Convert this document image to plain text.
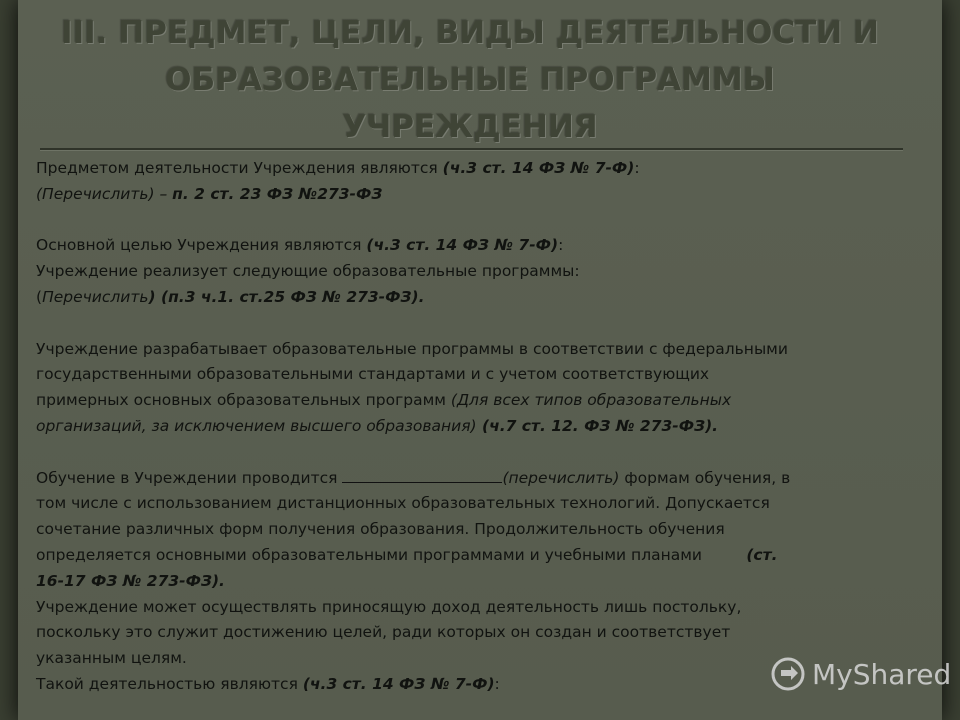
III. ПРЕДМЕТ, ЦЕЛИ, ВИДЫ ДЕЯТЕЛЬНОСТИ И
ОБРАЗОВАТЕЛЬНЫЕ ПРОГРАММЫ
УЧРЕЖДЕНИЯ

Предметом деятельности Учреждения являются (ч.3 ст. 14 ФЗ № 7-Ф):

(Перечислить) – п. 2 ст. 23 ФЗ №273-ФЗ

Основной целью Учреждения являются (ч.3 ст. 14 ФЗ № 7-Ф):

Учреждение реализует следующие образовательные программы:

(Перечислить) (п.3 ч.1. ст.25 ФЗ № 273-ФЗ).

Учреждение разрабатывает образовательные программы в соответствии с федеральными

государственными образовательными стандартами и с учетом соответствующих

примерных основных образовательных программ (Для всех типов образовательных

организаций, за исключением высшего образования) (ч.7 ст. 12. ФЗ № 273-ФЗ).

Обучение в Учреждении проводится	(перечислить) формам обучения, в

том числе с использованием дистанционных образовательных технологий. Допускается

сочетание различных форм получения образования. Продолжительность обучения

определяется основными образовательными программами и учебными планами         (ст.

16-17 ФЗ № 273-ФЗ).

Учреждение может осуществлять приносящую доход деятельность лишь постольку,

поскольку это служит достижению целей, ради которых он создан и соответствует

указанным целям.

Такой деятельностью являются (ч.3 ст. 14 ФЗ № 7-Ф):	MyShared
